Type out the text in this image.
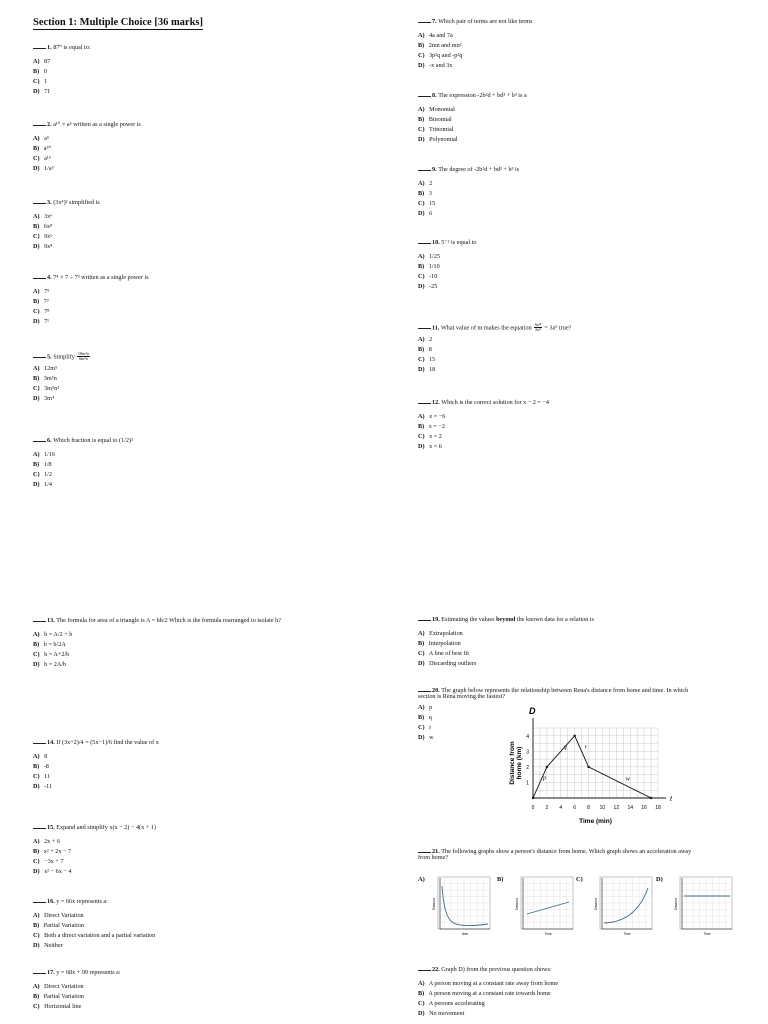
Section 1: Multiple Choice [36 marks]
1. 87⁰ is equal to:
A) 87
B) 0
C) 1
D) 71
2. a¹⁰ × a⁵ written as a single power is
A) a⁵
B) a⁵⁰
C) a¹⁵
D) 1/a⁵
3. (3x⁴)² simplified is
A) 3x⁶
B) 6x⁸
C) 9x⁶
D) 9x⁸
4. 7⁴ × 7 ÷ 7³ written as a single power is
A) 7⁵
B) 7²
C) 7⁸
D) 7¹
5. Simplify $\frac{\text{18m⁴n}}{\text{6m²n}}$
A) 12m⁵
B) 3m⁵n
C) 3m⁵n²
D) 3m⁴
6. Which fraction is equal to (1/2)²
A) 1/16
B) 1/8
C) 1/2
D) 1/4
7. Which pair of terms are not like terms
A) 4a and 7a
B) 2mn and mn²
C) 3p²q and -p²q
D) -x and 3x
8. The expression -2b²d + bd³ + b³ is a
A) Monomial
B) Binomial
C) Trinomial
D) Polynomial
9. The degree of -2b²d + bd³ + b³ is
A) 2
B) 3
C) 15
D) 6
10. 5⁻² is equal to
A) 1/25
B) 1/10
C) -10
D) -25
11. What value of m makes the equation $\frac{\text{6a¹⁸}}{\text{2aᵐ}} = 3a^9$ true?
A) 2
B) 8
C) 15
D) 18
12. Which is the correct solution for x − 2 = −4
A) x = −6
B) x = −2
C) x = 2
D) x = 6
13. The formula for area of a triangle is A = bh/2 Which is the formula rearranged to isolate h?
A) h = A/2 + b
B) h = b/2A
C) h = A+2/b
D) h = 2A/b
14. If (3x+2)/4 = (5x−1)/6 find the value of x
A) 8
B) -8
C) 11
D) -11
15. Expand and simplify x(x − 2) − 4(x + 1)
A) 2x + 6
B) x² + 2x − 7
C) −3x + 7
D) x² − 6x − 4
16. y = 66x represents a:
A) Direct Variation
B) Partial Variation
C) Both a direct variation and a partial variation
D) Neither
17. y = 68x + 99 represents a:
A) Direct Variation
B) Partial Variation
C) Horizontal line
19. Estimating the values beyond the known data for a relation is
A) Extrapolation
B) Interpolation
C) A line of best fit
D) Discarding outliers
20. The graph below represents the relationship between Rena's distance from home and time. In which
section is Rena moving the fastest?
A) p
B) q
C) r
D) w
21. The following graphs show a person's distance from home. Which graph shows an acceleration away
from home?
22. Graph D) from the previous question shows:
A) A person moving at a constant rate away from home
B) A person moving at a constant rate towards home
C) A persons accelerating
D) No movement
D
t
Time (min)
Distance fromhome (km)
0 2 4 6 8 10 12 14 16 18
1
2
3
4
p
q	r
w
A)
Distance
time
B)
Distance
Time
C)
Distance
Time
D)
Distance
Time
